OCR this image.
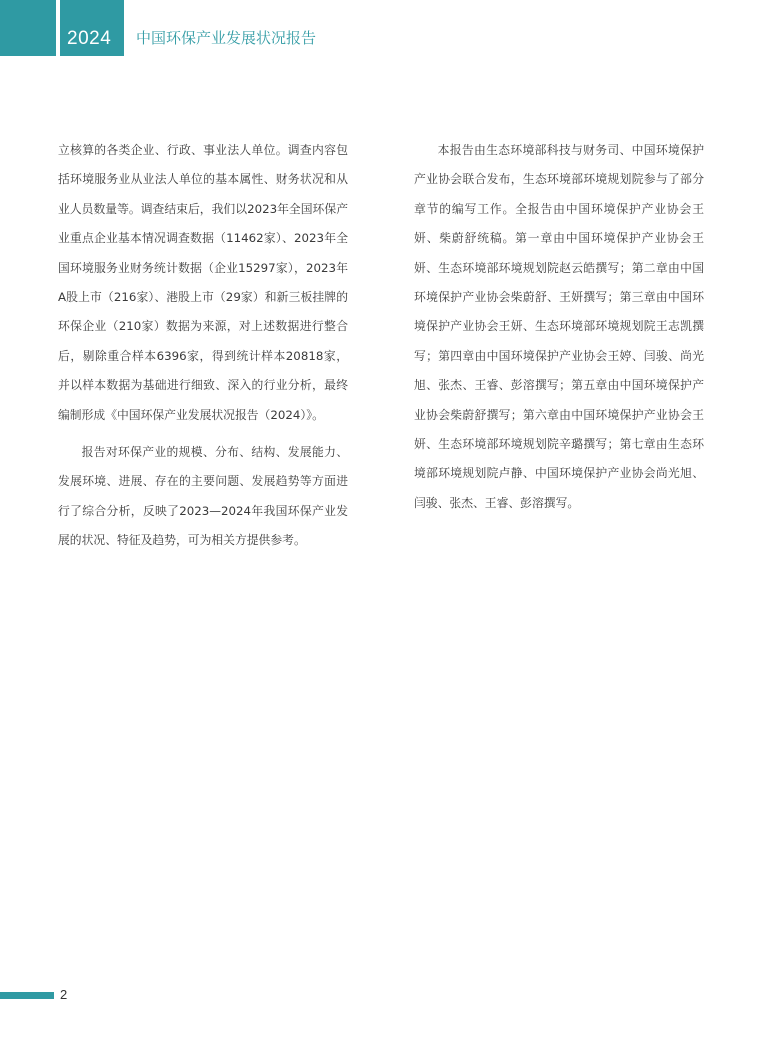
2024 中国环保产业发展状况报告

立核算的各类企业、行政、事业法人单位。调查内容包括环境服务业从业法人单位的基本属性、财务状况和从业人员数量等。调查结束后，我们以2023年全国环保产业重点企业基本情况调查数据（11462家）、2023年全国环境服务业财务统计数据（企业15297家），2023年A股上市（216家）、港股上市（29家）和新三板挂牌的环保企业（210家）数据为来源，对上述数据进行整合后，剔除重合样本6396家，得到统计样本20818家，并以样本数据为基础进行细致、深入的行业分析，最终编制形成《中国环保产业发展状况报告（2024）》。

报告对环保产业的规模、分布、结构、发展能力、发展环境、进展、存在的主要问题、发展趋势等方面进行了综合分析，反映了2023—2024年我国环保产业发展的状况、特征及趋势，可为相关方提供参考。

本报告由生态环境部科技与财务司、中国环境保护产业协会联合发布，生态环境部环境规划院参与了部分章节的编写工作。全报告由中国环境保护产业协会王妍、柴蔚舒统稿。第一章由中国环境保护产业协会王妍、生态环境部环境规划院赵云皓撰写；第二章由中国环境保护产业协会柴蔚舒、王妍撰写；第三章由中国环境保护产业协会王妍、生态环境部环境规划院王志凯撰写；第四章由中国环境保护产业协会王婷、闫骏、尚光旭、张杰、王睿、彭溶撰写；第五章由中国环境保护产业协会柴蔚舒撰写；第六章由中国环境保护产业协会王妍、生态环境部环境规划院辛璐撰写；第七章由生态环境部环境规划院卢静、中国环境保护产业协会尚光旭、闫骏、张杰、王睿、彭溶撰写。

2
